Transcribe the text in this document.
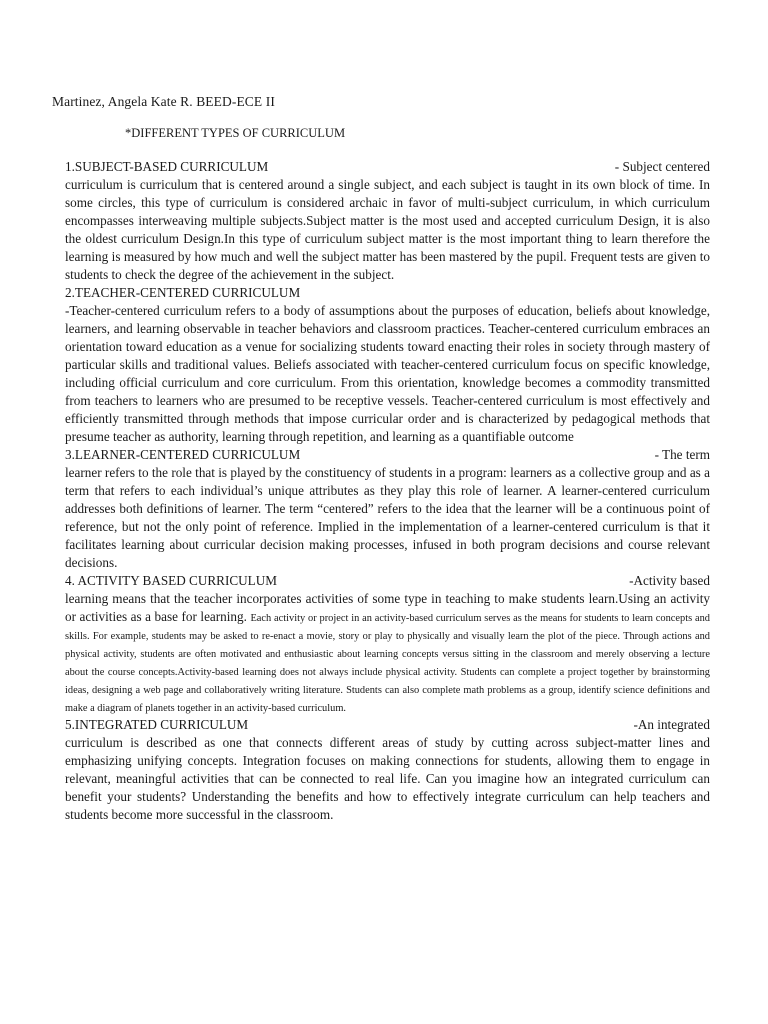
Martinez, Angela Kate R. BEED-ECE II
*DIFFERENT TYPES OF CURRICULUM
1.SUBJECT-BASED CURRICULUM	- Subject centered
curriculum is curriculum that is centered around a single subject, and each subject is taught in its own block of time. In some circles, this type of curriculum is considered archaic in favor of multi-subject curriculum, in which curriculum encompasses interweaving multiple subjects.Subject matter is the most used and accepted curriculum Design, it is also the oldest curriculum Design.In this type of curriculum subject matter is the most important thing to learn therefore the learning is measured by how much and well the subject matter has been mastered by the pupil. Frequent tests are given to students to check the degree of the achievement in the subject.
2.TEACHER-CENTERED CURRICULUM
-Teacher-centered curriculum refers to a body of assumptions about the purposes of education, beliefs about knowledge, learners, and learning observable in teacher behaviors and classroom practices. Teacher-centered curriculum embraces an orientation toward education as a venue for socializing students toward enacting their roles in society through mastery of particular skills and traditional values. Beliefs associated with teacher-centered curriculum focus on specific knowledge, including official curriculum and core curriculum. From this orientation, knowledge becomes a commodity transmitted from teachers to learners who are presumed to be receptive vessels. Teacher-centered curriculum is most effectively and efficiently transmitted through methods that impose curricular order and is characterized by pedagogical methods that presume teacher as authority, learning through repetition, and learning as a quantifiable outcome
3.LEARNER-CENTERED CURRICULUM	- The term
learner refers to the role that is played by the constituency of students in a program: learners as a collective group and as a term that refers to each individual’s unique attributes as they play this role of learner. A learner-centered curriculum addresses both definitions of learner. The term “centered” refers to the idea that the learner will be a continuous point of reference, but not the only point of reference. Implied in the implementation of a learner-centered curriculum is that it facilitates learning about curricular decision making processes, infused in both program decisions and course relevant decisions.
4. ACTIVITY BASED CURRICULUM	-Activity based
learning means that the teacher incorporates activities of some type in teaching to make students learn.Using an activity or activities as a base for learning. Each activity or project in an activity-based curriculum serves as the means for students to learn concepts and skills. For example, students may be asked to re-enact a movie, story or play to physically and visually learn the plot of the piece. Through actions and physical activity, students are often motivated and enthusiastic about learning concepts versus sitting in the classroom and merely observing a lecture about the course concepts.Activity-based learning does not always include physical activity. Students can complete a project together by brainstorming ideas, designing a web page and collaboratively writing literature. Students can also complete math problems as a group, identify science definitions and make a diagram of planets together in an activity-based curriculum.
5.INTEGRATED CURRICULUM	-An integrated
curriculum is described as one that connects different areas of study by cutting across subject-matter lines and emphasizing unifying concepts. Integration focuses on making connections for students, allowing them to engage in relevant, meaningful activities that can be connected to real life. Can you imagine how an integrated curriculum can benefit your students? Understanding the benefits and how to effectively integrate curriculum can help teachers and students become more successful in the classroom.
